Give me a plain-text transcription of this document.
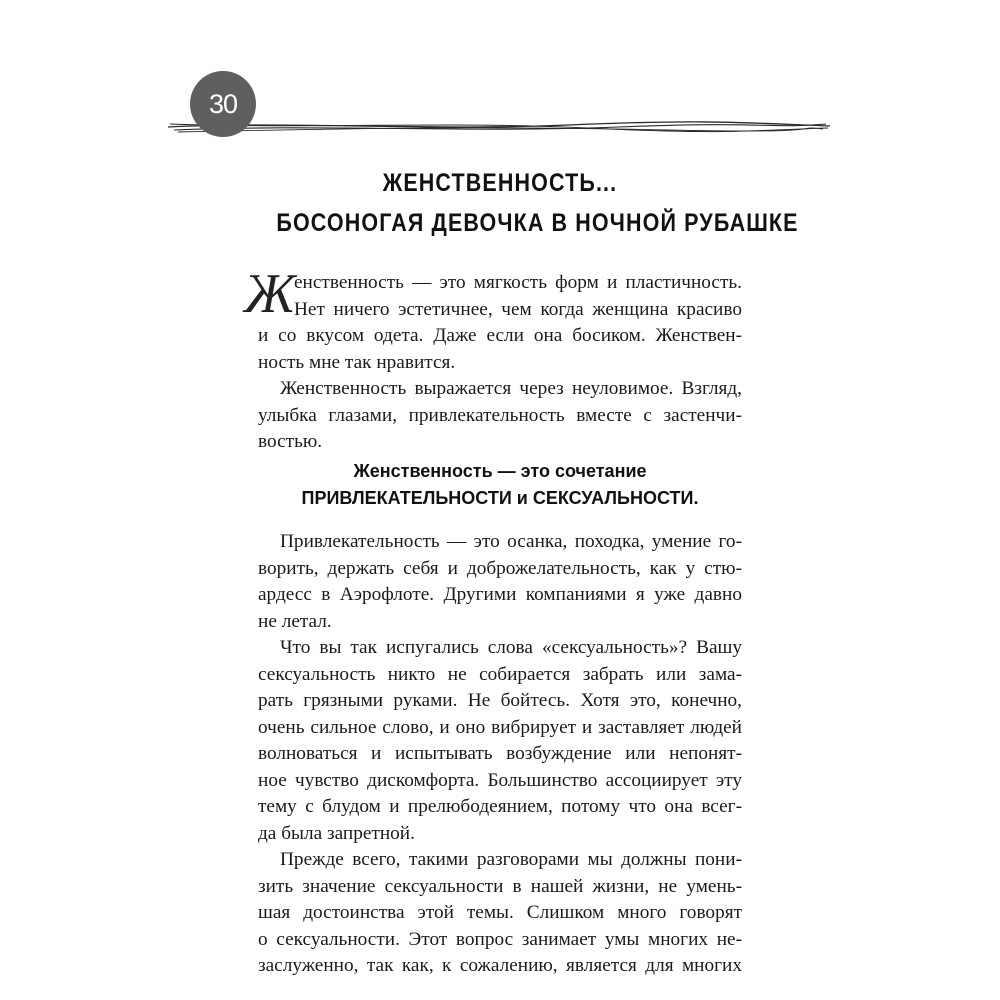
30
ЖЕНСТВЕННОСТЬ...
БОСОНОГАЯ ДЕВОЧКА В НОЧНОЙ РУБАШКЕ
Ж
енственность — это мягкость форм и пластичность.
Нет ничего эстетичнее, чем когда женщина красиво
и со вкусом одета. Даже если она босиком. Женствен-
ность мне так нравится.
Женственность выражается через неуловимое. Взгляд,
улыбка глазами, привлекательность вместе с застенчи-
востью.
Женственность — это сочетание
ПРИВЛЕКАТЕЛЬНОСТИ и СЕКСУАЛЬНОСТИ.
Привлекательность — это осанка, походка, умение го-
ворить, держать себя и доброжелательность, как у стю-
ардесс в Аэрофлоте. Другими компаниями я уже давно
не летал.
Что вы так испугались слова «сексуальность»? Вашу
сексуальность никто не собирается забрать или зама-
рать грязными руками. Не бойтесь. Хотя это, конечно,
очень сильное слово, и оно вибрирует и заставляет людей
волноваться и испытывать возбуждение или непонят-
ное чувство дискомфорта. Большинство ассоциирует эту
тему с блудом и прелюбодеянием, потому что она всег-
да была запретной.
Прежде всего, такими разговорами мы должны пони-
зить значение сексуальности в нашей жизни, не умень-
шая достоинства этой темы. Слишком много говорят
о сексуальности. Этот вопрос занимает умы многих не-
заслуженно, так как, к сожалению, является для многих
